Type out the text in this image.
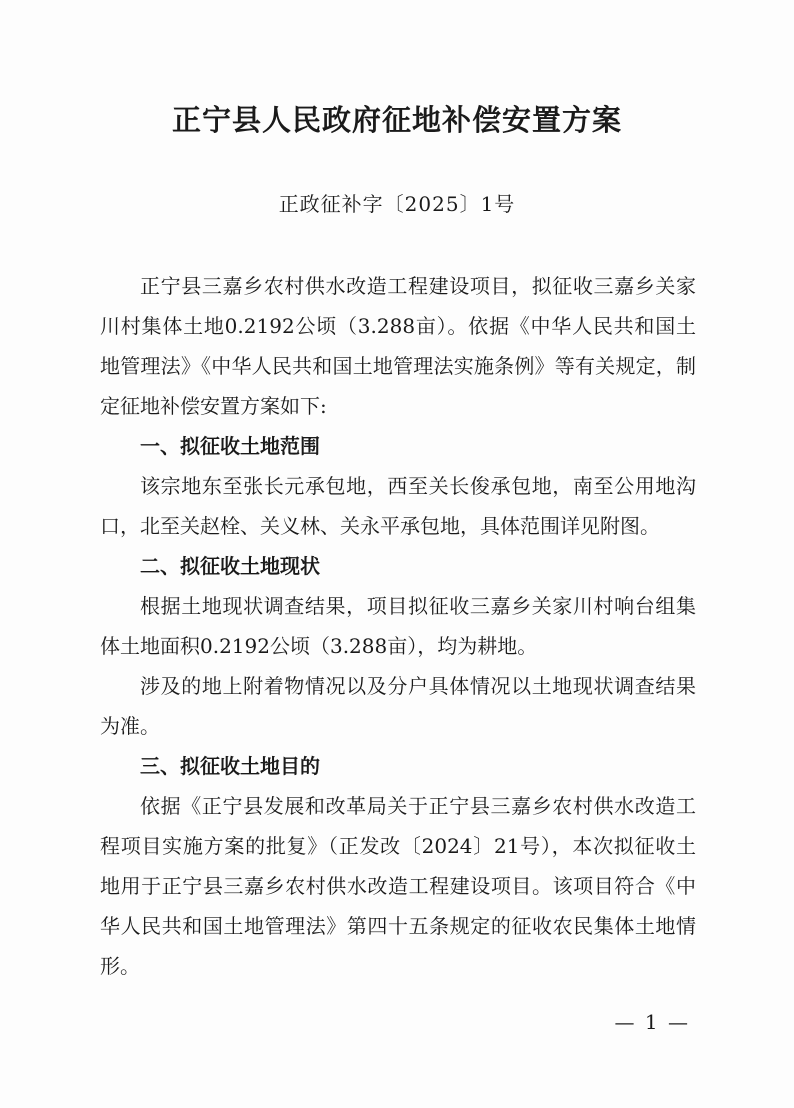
正宁县人民政府征地补偿安置方案
正政征补字〔2025〕1号

正宁县三嘉乡农村供水改造工程建设项目，拟征收三嘉乡关家川村集体土地0.2192公顷（3.288亩）。依据《中华人民共和国土地管理法》《中华人民共和国土地管理法实施条例》等有关规定，制定征地补偿安置方案如下:

一、拟征收土地范围

该宗地东至张长元承包地，西至关长俊承包地，南至公用地沟口，北至关赵栓、关义林、关永平承包地，具体范围详见附图。

二、拟征收土地现状

根据土地现状调查结果，项目拟征收三嘉乡关家川村响台组集体土地面积0.2192公顷（3.288亩），均为耕地。

涉及的地上附着物情况以及分户具体情况以土地现状调查结果为准。

三、拟征收土地目的

依据《正宁县发展和改革局关于正宁县三嘉乡农村供水改造工程项目实施方案的批复》（正发改〔2024〕21号），本次拟征收土地用于正宁县三嘉乡农村供水改造工程建设项目。该项目符合《中华人民共和国土地管理法》第四十五条规定的征收农民集体土地情形。

— 1 —
